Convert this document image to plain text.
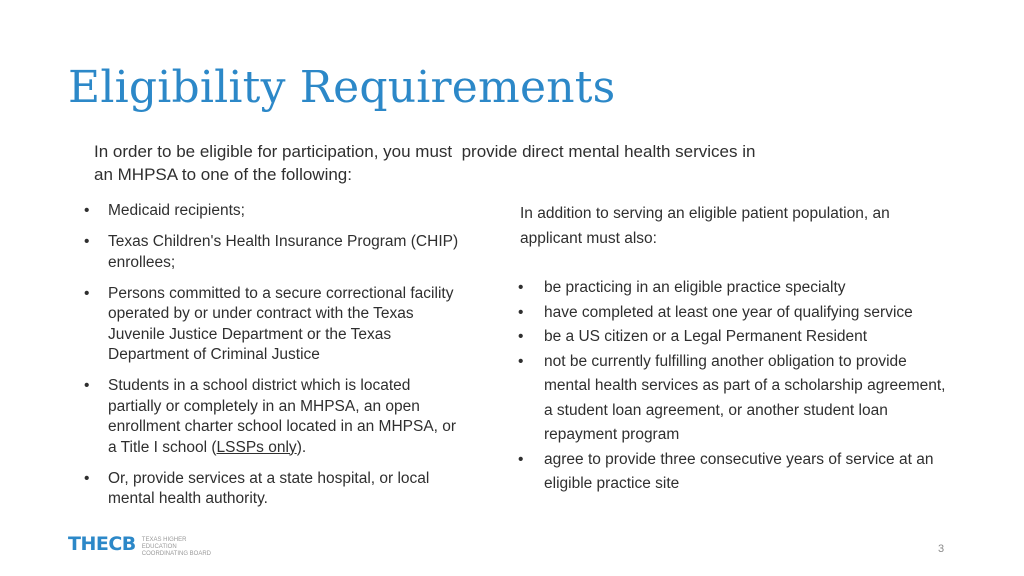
Eligibility Requirements
In order to be eligible for participation, you must  provide direct mental health services in
an MHPSA to one of the following:
• Medicaid recipients;
• Texas Children's Health Insurance Program (CHIP) enrollees;
• Persons committed to a secure correctional facility operated by or under contract with the Texas Juvenile Justice Department or the Texas Department of Criminal Justice
• Students in a school district which is located partially or completely in an MHPSA, an open enrollment charter school located in an MHPSA, or a Title I school (LSSPs only).
• Or, provide services at a state hospital, or local mental health authority.
In addition to serving an eligible patient population, an applicant must also:
• be practicing in an eligible practice specialty
• have completed at least one year of qualifying service
• be a US citizen or a Legal Permanent Resident
• not be currently fulfilling another obligation to provide mental health services as part of a scholarship agreement, a student loan agreement, or another student loan repayment program
• agree to provide three consecutive years of service at an eligible practice site
THECB TEXAS HIGHER EDUCATION COORDINATING BOARD	3
